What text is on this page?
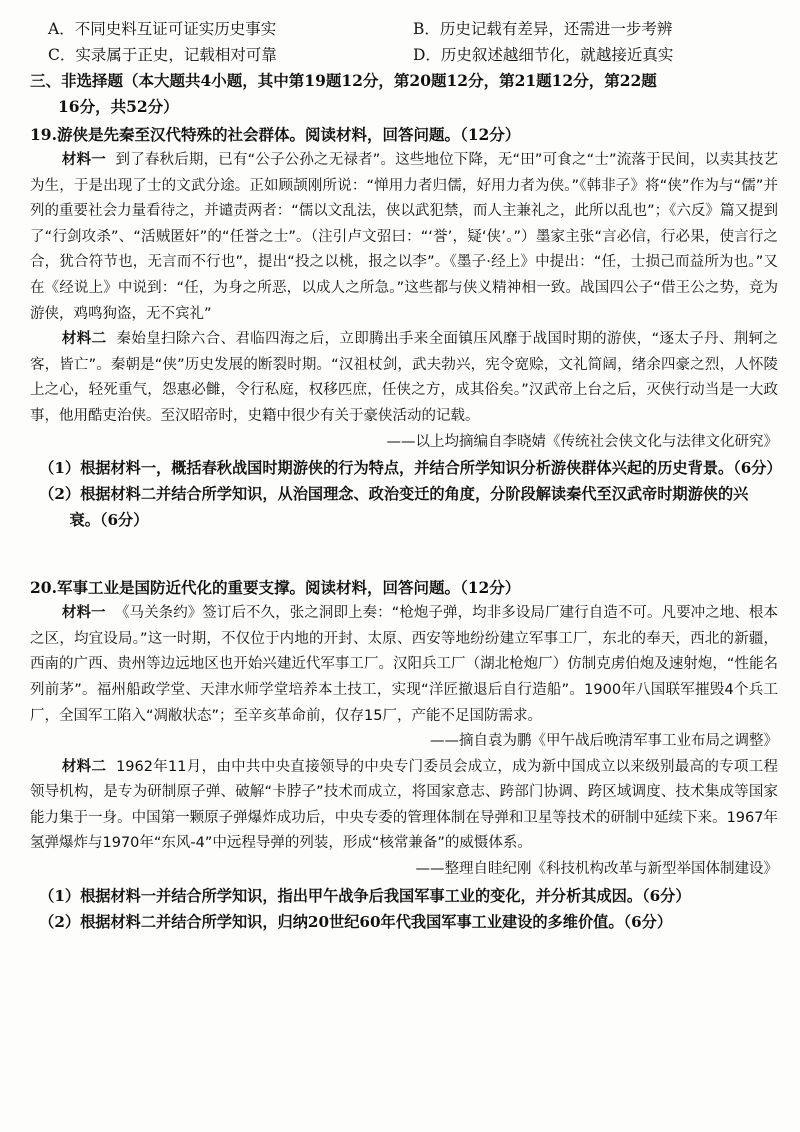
A．不同史料互证可证实历史事实	B．历史记载有差异，还需进一步考辨
C．实录属于正史，记载相对可靠	D．历史叙述越细节化，就越接近真实
三、非选择题（本大题共4小题，其中第19题12分，第20题12分，第21题12分，第22题
16分，共52分）
19.游侠是先秦至汉代特殊的社会群体。阅读材料，回答问题。（12分）

材料一 到了春秋后期，已有“公子公孙之无禄者”。这些地位下降，无“田”可食之“士”流落于民间，以卖其技艺为生，于是出现了士的文武分途。正如顾颉刚所说：“惮用力者归儒，好用力者为侠。”《韩非子》将“侠”作为与“儒”并列的重要社会力量看待之，并谴责两者：“儒以文乱法，侠以武犯禁，而人主兼礼之，此所以乱也”；《六反》篇又提到了“行剑攻杀”、“活贼匿奸”的“任誉之士”。（注引卢文弨曰：“‘誉’，疑‘侠’。”）墨家主张“言必信，行必果，使言行之合，犹合符节也，无言而不行也”，提出“投之以桃，报之以李”。《墨子·经上》中提出：“任，士损己而益所为也。”又在《经说上》中说到：“任，为身之所恶，以成人之所急。”这些都与侠义精神相一致。战国四公子“借王公之势，竞为游侠，鸡鸣狗盗，无不宾礼”

材料二 秦始皇扫除六合、君临四海之后，立即腾出手来全面镇压风靡于战国时期的游侠，“逐太子丹、荆轲之客，皆亡”。秦朝是“侠”历史发展的断裂时期。“汉祖杖剑，武夫勃兴，宪令宽赊，文礼简阔，绪余四豪之烈，人怀陵上之心，轻死重气，怨惠必雠，令行私庭，权移匹庶，任侠之方，成其俗矣。”汉武帝上台之后，灭侠行动当是一大政事，他用酷吏治侠。至汉昭帝时，史籍中很少有关于豪侠活动的记载。

——以上均摘编自李晓婧《传统社会侠文化与法律文化研究》
（1）根据材料一，概括春秋战国时期游侠的行为特点，并结合所学知识分析游侠群体兴起的历史背景。（6分）
（2）根据材料二并结合所学知识，从治国理念、政治变迁的角度，分阶段解读秦代至汉武帝时期游侠的兴衰。（6分）
20.军事工业是国防近代化的重要支撑。阅读材料，回答问题。（12分）

材料一 《马关条约》签订后不久，张之洞即上奏：“枪炮子弹，均非多设局厂建行自造不可。凡要冲之地、根本之区，均宜设局。”这一时期，不仅位于内地的开封、太原、西安等地纷纷建立军事工厂，东北的奉天，西北的新疆，西南的广西、贵州等边远地区也开始兴建近代军事工厂。汉阳兵工厂（湖北枪炮厂）仿制克虏伯炮及速射炮，“性能名列前茅”。福州船政学堂、天津水师学堂培养本土技工，实现“洋匠撤退后自行造船”。1900年八国联军摧毁4个兵工厂，全国军工陷入“凋敝状态”；至辛亥革命前，仅存15厂，产能不足国防需求。

——摘自袁为鹏《甲午战后晚清军事工业布局之调整》

材料二 1962年11月，由中共中央直接领导的中央专门委员会成立，成为新中国成立以来级别最高的专项工程领导机构，是专为研制原子弹、破解“卡脖子”技术而成立，将国家意志、跨部门协调、跨区域调度、技术集成等国家能力集于一身。中国第一颗原子弹爆炸成功后，中央专委的管理体制在导弹和卫星等技术的研制中延续下来。1967年氢弹爆炸与1970年“东风-4”中远程导弹的列装，形成“核常兼备”的威慑体系。

——整理自眭纪刚《科技机构改革与新型举国体制建设》
（1）根据材料一并结合所学知识，指出甲午战争后我国军事工业的变化，并分析其成因。（6分）
（2）根据材料二并结合所学知识，归纳20世纪60年代我国军事工业建设的多维价值。（6分）
